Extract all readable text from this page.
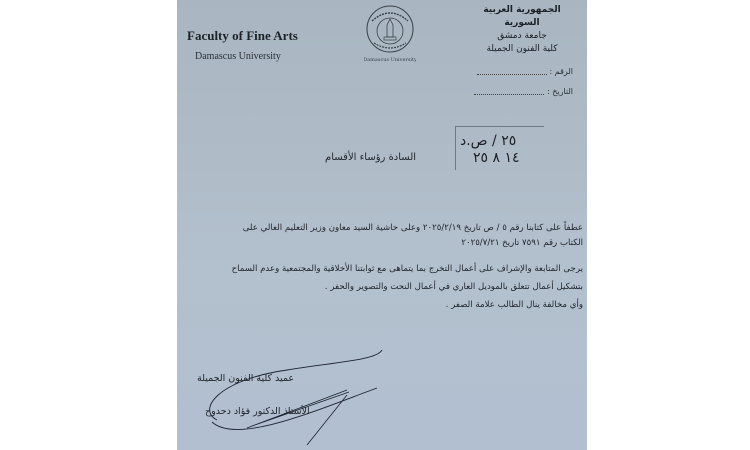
Faculty of Fine Arts
Damascus University	Damascus University
الجمهورية العربية السورية
جامعة دمشق
كلية الفنون الجميلة
الرقم :
التاريخ :
٢٥ / ص.د
١٤ ٨ ٢٥
السادة رؤساء الأقسام
عطفاً على كتابنا رقم ٥ / ص تاريخ ٢٠٢٥/٢/١٩ وعلى حاشية السيد معاون وزير التعليم العالي على
الكتاب رقم ٧٥٩١ تاريخ ٢٠٢٥/٧/٢١
يرجى المتابعة والإشراف على أعمال التخرج بما يتماهى مع ثوابتنا الأخلاقية والمجتمعية وعدم السماح
بتشكيل أعمال تتعلق بالموديل العاري في أعمال النحت والتصوير والحفر .
وأي مخالفة ينال الطالب علامة الصفر .
عميد كلية الفنون الجميلة
الأستاذ الدكتور فؤاد دحدوح
